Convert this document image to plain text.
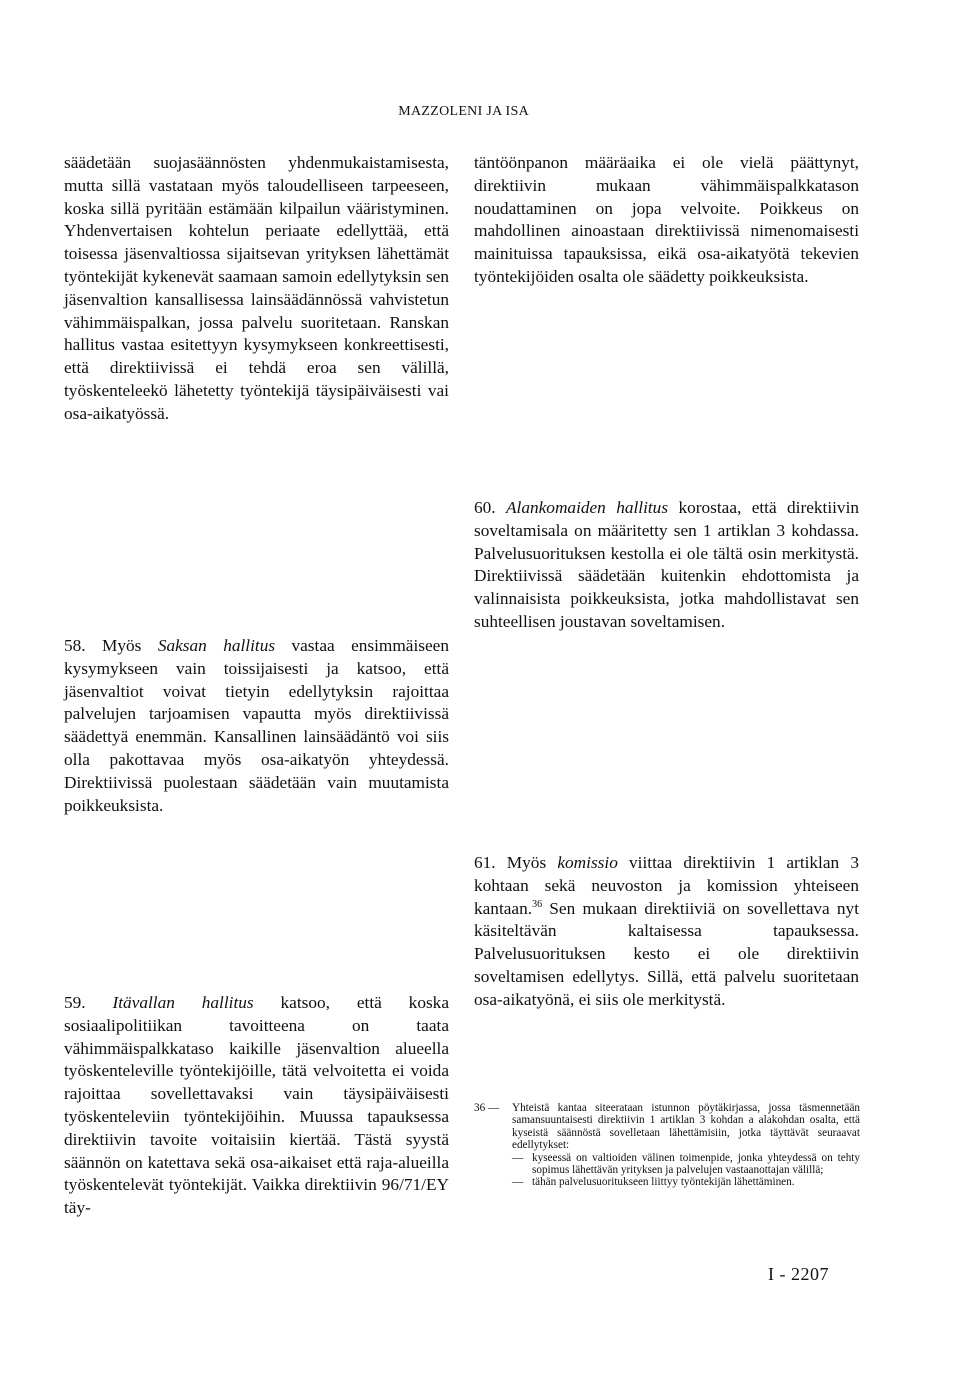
MAZZOLENI JA ISA

säädetään suojasäännösten yhdenmukaistamisesta, mutta sillä vastataan myös taloudelliseen tarpeeseen, koska sillä pyritään estämään kilpailun vääristyminen. Yhdenvertaisen kohtelun periaate edellyttää, että toisessa jäsenvaltiossa sijaitsevan yrityksen lähettämät työntekijät kykenevät saamaan samoin edellytyksin sen jäsenvaltion kansallisessa lainsäädännössä vahvistetun vähimmäispalkan, jossa palvelu suoritetaan. Ranskan hallitus vastaa esitettyyn kysymykseen konkreettisesti, että direktiivissä ei tehdä eroa sen välillä, työskenteleekö lähetetty työntekijä täysipäiväisesti vai osa-aikatyössä.

58. Myös Saksan hallitus vastaa ensimmäiseen kysymykseen vain toissijaisesti ja katsoo, että jäsenvaltiot voivat tietyin edellytyksin rajoittaa palvelujen tarjoamisen vapautta myös direktiivissä säädettyä enemmän. Kansallinen lainsäädäntö voi siis olla pakottavaa myös osa-aikatyön yhteydessä. Direktiivissä puolestaan säädetään vain muutamista poikkeuksista.

59. Itävallan hallitus katsoo, että koska sosiaalipolitiikan tavoitteena on taata vähimmäispalkkataso kaikille jäsenvaltion alueella työskenteleville työntekijöille, tätä velvoitetta ei voida rajoittaa sovellettavaksi vain täysipäiväisesti työskenteleviin työntekijöihin. Muussa tapauksessa direktiivin tavoite voitaisiin kiertää. Tästä syystä säännön on katettava sekä osa-aikaiset että raja-alueilla työskentelevät työntekijät. Vaikka direktiivin 96/71/EY täy-

täntöönpanon määräaika ei ole vielä päättynyt, direktiivin mukaan vähimmäispalkkatason noudattaminen on jopa velvoite. Poikkeus on mahdollinen ainoastaan direktiivissä nimenomaisesti mainituissa tapauksissa, eikä osa-aikatyötä tekevien työntekijöiden osalta ole säädetty poikkeuksista.

60. Alankomaiden hallitus korostaa, että direktiivin soveltamisala on määritetty sen 1 artiklan 3 kohdassa. Palvelusuorituksen kestolla ei ole tältä osin merkitystä. Direktiivissä säädetään kuitenkin ehdottomista ja valinnaisista poikkeuksista, jotka mahdollistavat sen suhteellisen joustavan soveltamisen.

61. Myös komissio viittaa direktiivin 1 artiklan 3 kohtaan sekä neuvoston ja komission yhteiseen kantaan.$^{36}$ Sen mukaan direktiiviä on sovellettava nyt käsiteltävän kaltaisessa tapauksessa. Palvelusuorituksen kesto ei ole direktiivin soveltamisen edellytys. Sillä, että palvelu suoritetaan osa-aikatyönä, ei siis ole merkitystä.

36 —	Yhteistä kantaa siteerataan istunnon pöytäkirjassa, jossa täsmennetään samansuuntaisesti direktiivin 1 artiklan 3 kohdan a alakohdan osalta, että kyseistä säännöstä sovelletaan lähettämisiin, jotka täyttävät seuraavat edellytykset:
— kyseessä on valtioiden välinen toimenpide, jonka yhteydessä on tehty sopimus lähettävän yrityksen ja palvelujen vastaanottajan välillä;
— tähän palvelusuoritukseen liittyy työntekijän lähettäminen.
I - 2207
